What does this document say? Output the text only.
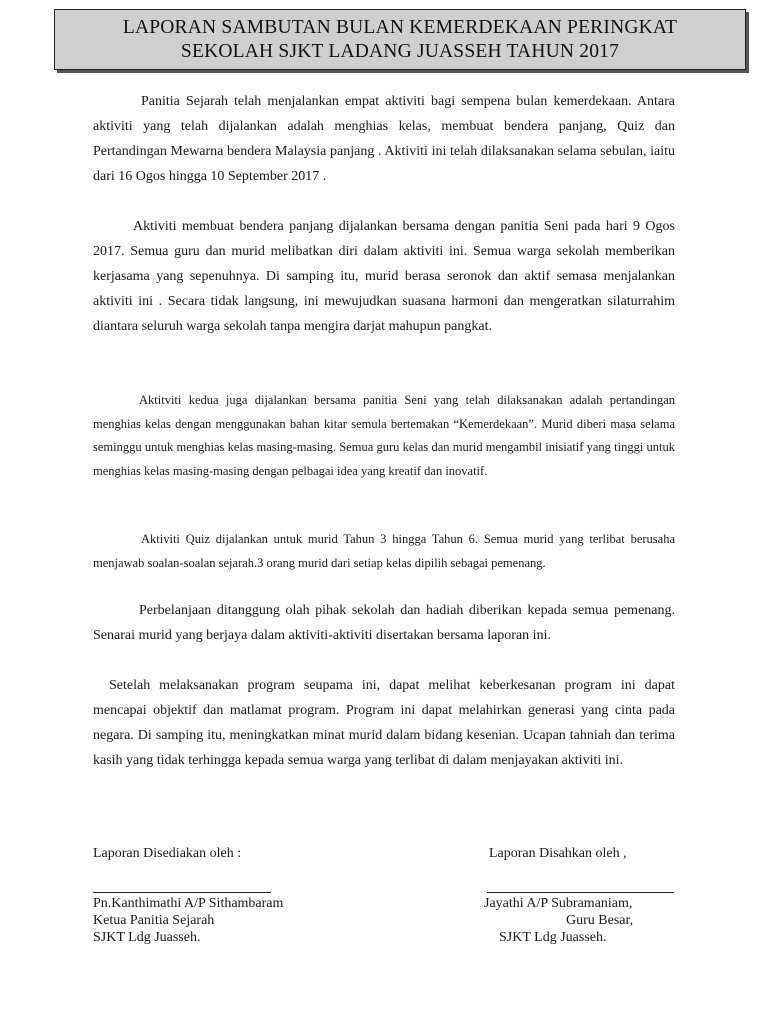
LAPORAN SAMBUTAN BULAN KEMERDEKAAN PERINGKAT
SEKOLAH SJKT LADANG JUASSEH TAHUN 2017

Panitia Sejarah telah menjalankan empat aktiviti bagi sempena bulan kemerdekaan. Antara aktiviti yang telah dijalankan adalah menghias kelas, membuat bendera panjang, Quiz dan Pertandingan Mewarna bendera Malaysia panjang . Aktiviti ini telah dilaksanakan selama sebulan, iaitu dari 16 Ogos hingga 10 September 2017 .

Aktiviti membuat bendera panjang dijalankan bersama dengan panitia Seni pada hari 9 Ogos 2017. Semua guru dan murid melibatkan diri dalam aktiviti ini. Semua warga sekolah memberikan kerjasama yang sepenuhnya. Di samping itu, murid berasa seronok dan aktif semasa menjalankan aktiviti ini . Secara tidak langsung, ini mewujudkan suasana harmoni dan mengeratkan silaturrahim diantara seluruh warga sekolah tanpa mengira darjat mahupun pangkat.

Aktitviti kedua juga dijalankan bersama panitia Seni yang telah dilaksanakan adalah pertandingan menghias kelas dengan menggunakan bahan kitar semula bertemakan “Kemerdekaan”. Murid diberi masa selama seminggu untuk menghias kelas masing-masing. Semua guru kelas dan murid mengambil inisiatif yang tinggi untuk menghias kelas masing-masing dengan pelbagai idea yang kreatif dan inovatif.

Aktiviti Quiz dijalankan untuk murid Tahun 3 hingga Tahun 6. Semua murid yang terlibat berusaha menjawab soalan-soalan sejarah.3 orang murid dari setiap kelas dipilih sebagai pemenang.

Perbelanjaan ditanggung olah pihak sekolah dan hadiah diberikan kepada semua pemenang. Senarai murid yang berjaya dalam aktiviti-aktiviti disertakan bersama laporan ini.

Setelah melaksanakan program seupama ini, dapat melihat keberkesanan program ini dapat mencapai objektif dan matlamat program. Program ini dapat melahirkan generasi yang cinta pada negara. Di samping itu, meningkatkan minat murid dalam bidang kesenian. Ucapan tahniah dan terima kasih yang tidak terhingga kepada semua warga yang terlibat di dalam menjayakan aktiviti ini.

Laporan Disediakan oleh :	Laporan Disahkan oleh ,
Pn.Kanthimathi A/P Sithambaram
Ketua Panitia Sejarah
SJKT Ldg Juasseh.
Jayathi A/P Subramaniam,
Guru Besar,
SJKT Ldg Juasseh.
